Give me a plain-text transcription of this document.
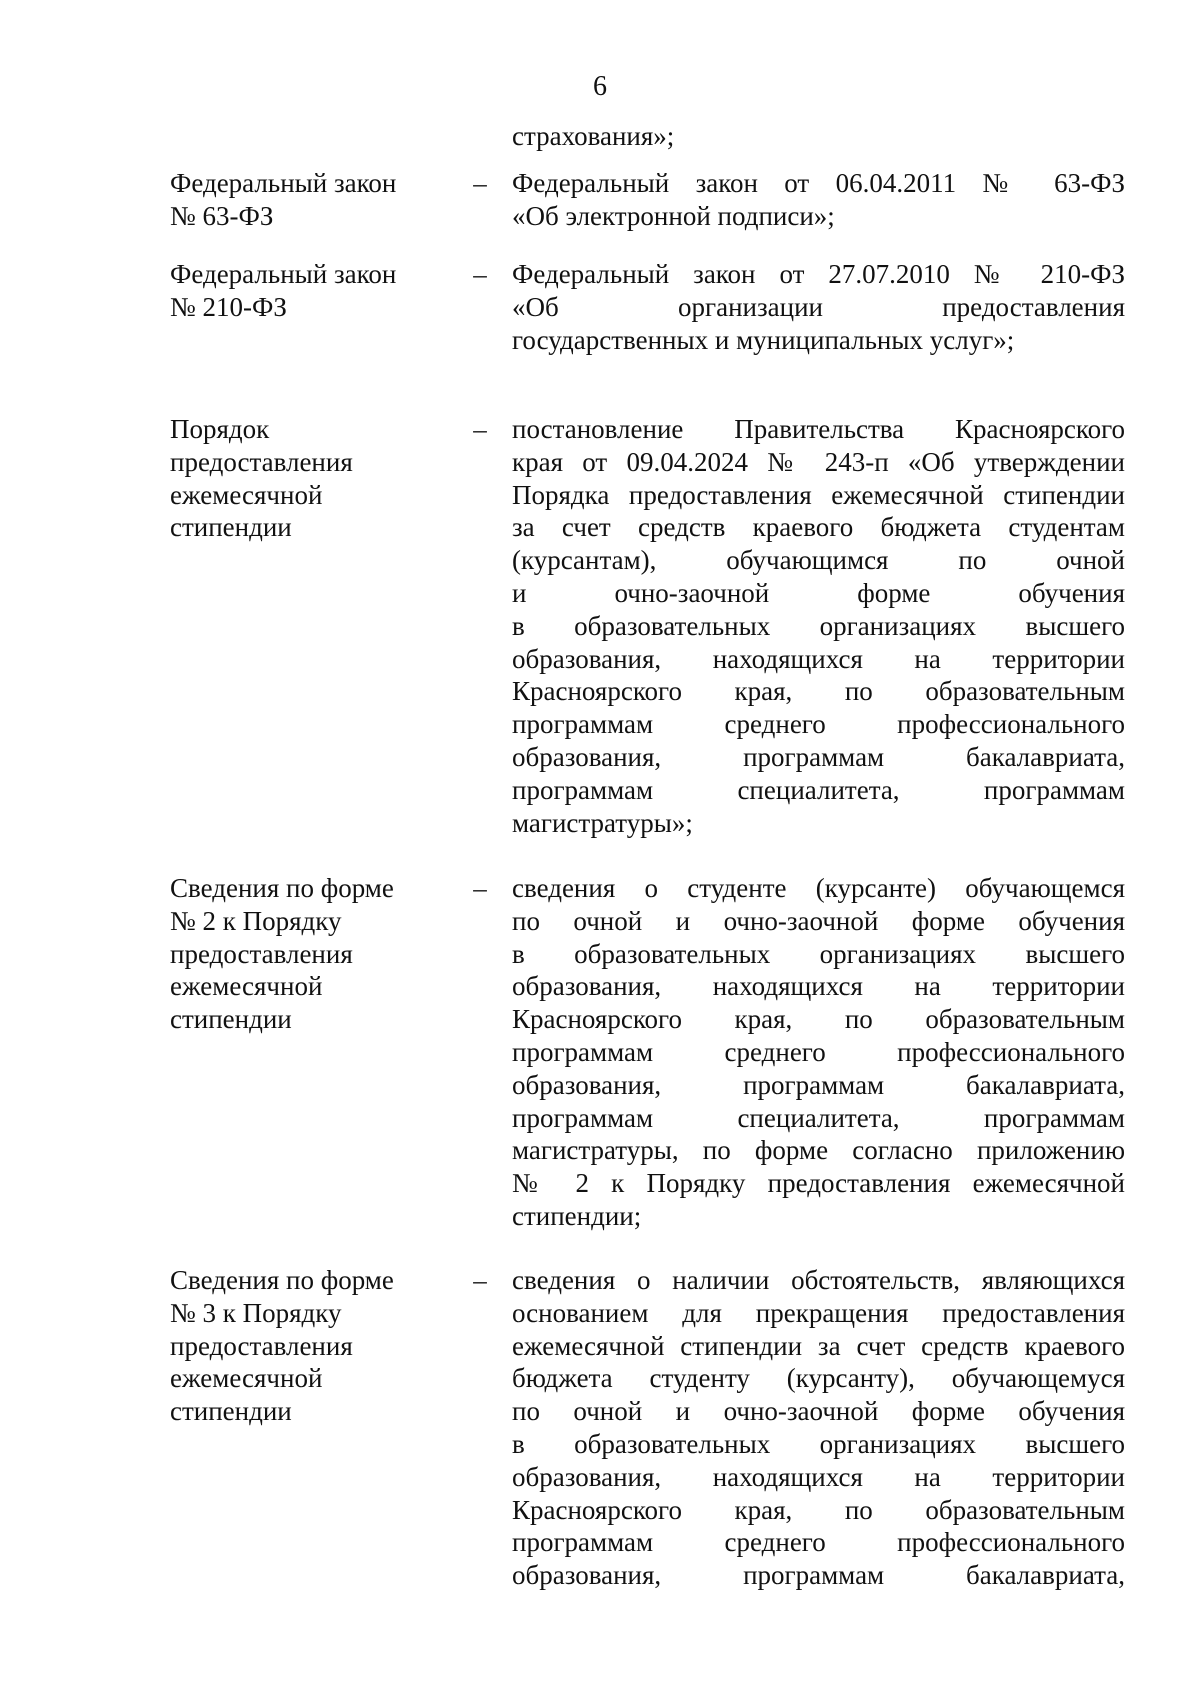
6
страхования»;
Федеральный закон
№ 63-ФЗ
– Федеральный закон от 06.04.2011 № 63-ФЗ
«Об электронной подписи»;
Федеральный закон
№ 210-ФЗ
– Федеральный закон от 27.07.2010 № 210-ФЗ
«Об организации предоставления
государственных и муниципальных услуг»;
Порядок
предоставления
ежемесячной
стипендии
– постановление Правительства Красноярского
края от 09.04.2024 № 243-п «Об утверждении
Порядка предоставления ежемесячной стипендии
за счет средств краевого бюджета студентам
(курсантам), обучающимся по очной
и очно-заочной форме обучения
в образовательных организациях высшего
образования, находящихся на территории
Красноярского края, по образовательным
программам среднего профессионального
образования, программам бакалавриата,
программам специалитета, программам
магистратуры»;
Сведения по форме
№ 2 к Порядку
предоставления
ежемесячной
стипендии
– сведения о студенте (курсанте) обучающемся
по очной и очно-заочной форме обучения
в образовательных организациях высшего
образования, находящихся на территории
Красноярского края, по образовательным
программам среднего профессионального
образования, программам бакалавриата,
программам специалитета, программам
магистратуры, по форме согласно приложению
№ 2 к Порядку предоставления ежемесячной
стипендии;
Сведения по форме
№ 3 к Порядку
предоставления
ежемесячной
стипендии
– сведения о наличии обстоятельств, являющихся
основанием для прекращения предоставления
ежемесячной стипендии за счет средств краевого
бюджета студенту (курсанту), обучающемуся
по очной и очно-заочной форме обучения
в образовательных организациях высшего
образования, находящихся на территории
Красноярского края, по образовательным
программам среднего профессионального
образования, программам бакалавриата,
